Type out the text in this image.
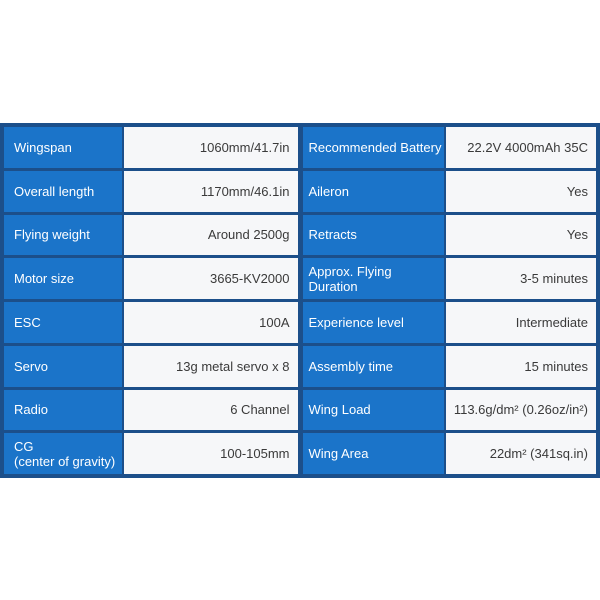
Wingspan	1060mm/41.7in
Overall length	1170mm/46.1in
Flying weight	Around 2500g
Motor size	3665-KV2000
ESC	100A
Servo	13g metal servo x 8
Radio	6 Channel
CG
(center of gravity)	100-105mm
Recommended Battery	22.2V 4000mAh 35C
Aileron	Yes
Retracts	Yes
Approx. Flying Duration	3-5 minutes
Experience level	Intermediate
Assembly time	15 minutes
Wing Load	113.6g/dm² (0.26oz/in²)
Wing Area	22dm² (341sq.in)
